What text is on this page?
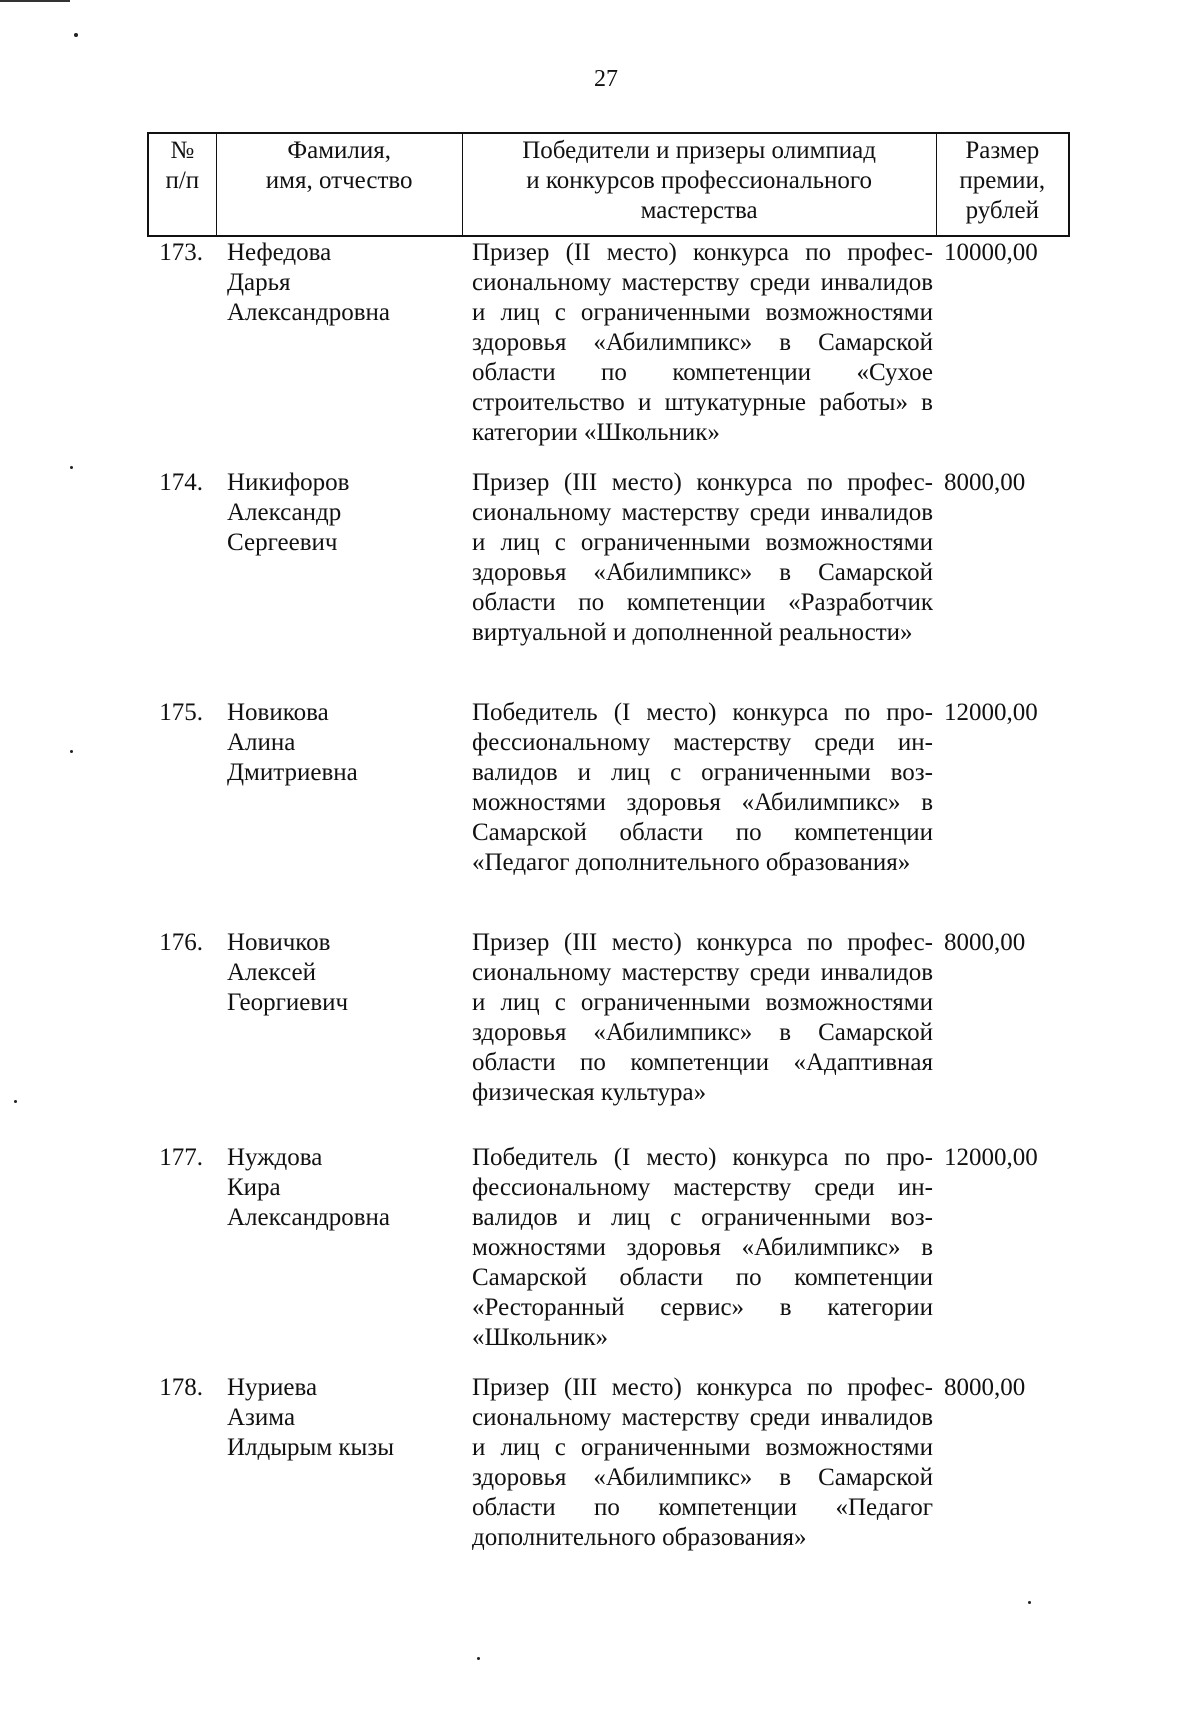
27
№
п/п
Фамилия,
имя, отчество
Победители и призеры олимпиад
и конкурсов профессионального
мастерства
Размер
премии,
рублей
173. Нефедова
Дарья
Александровна
Призер (II место) конкурса по профессиональному мастерству среди инвалидов и лиц с ограниченными возможностями здоровья «Абилимпикс» в Самарской области по компетенции «Сухое строительство и штукатурные работы» в категории «Школьник»
10000,00
174. Никифоров
Александр
Сергеевич
Призер (III место) конкурса по профессиональному мастерству среди инвалидов и лиц с ограниченными возможностями здоровья «Абилимпикс» в Самарской области по компетенции «Разработчик виртуальной и дополненной реальности»
8000,00
175. Новикова
Алина
Дмитриевна
Победитель (I место) конкурса по профессиональному мастерству среди инвалидов и лиц с ограниченными возможностями здоровья «Абилимпикс» в Самарской области по компетенции «Педагог дополнительного образования»
12000,00
176. Новичков
Алексей
Георгиевич
Призер (III место) конкурса по профессиональному мастерству среди инвалидов и лиц с ограниченными возможностями здоровья «Абилимпикс» в Самарской области по компетенции «Адаптивная физическая культура»
8000,00
177. Нуждова
Кира
Александровна
Победитель (I место) конкурса по профессиональному мастерству среди инвалидов и лиц с ограниченными возможностями здоровья «Абилимпикс» в Самарской области по компетенции «Ресторанный сервис» в категории «Школьник»
12000,00
178. Нуриева
Азима
Илдырым кызы
Призер (III место) конкурса по профессиональному мастерству среди инвалидов и лиц с ограниченными возможностями здоровья «Абилимпикс» в Самарской области по компетенции «Педагог дополнительного образования»
8000,00
